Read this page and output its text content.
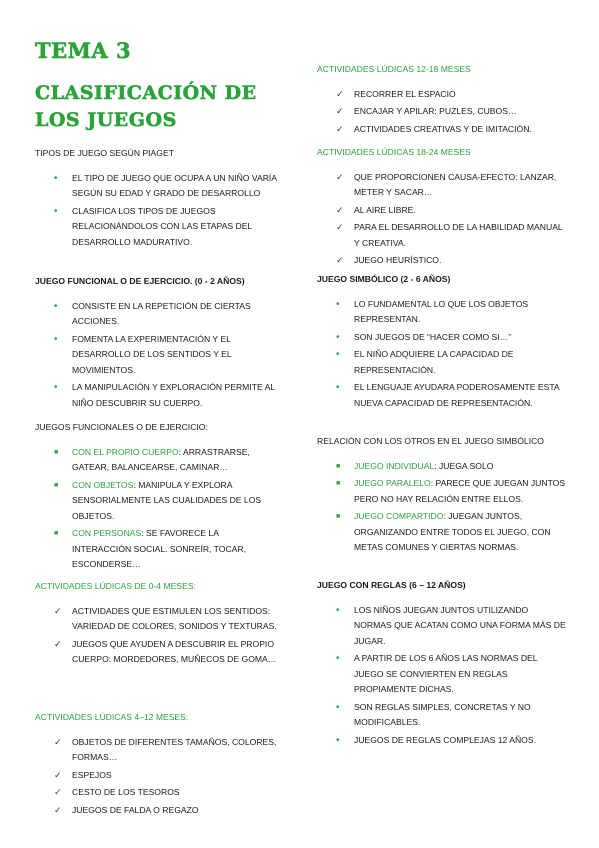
TEMA 3
CLASIFICACIÓN DE LOS JUEGOS

TIPOS DE JUEGO SEGÚN PIAGET

•	EL TIPO DE JUEGO QUE OCUPA A UN NIÑO VARÍA SEGÚN SU EDAD Y GRADO DE DESARROLLO
•	CLASIFICA LOS TIPOS DE JUEGOS RELACIONÁNDOLOS CON LAS ETAPAS DEL DESARROLLO MADURATIVO.

JUEGO FUNCIONAL O DE EJERCICIO. (0 - 2 AÑOS)

•	CONSISTE EN LA REPETICIÓN DE CIERTAS ACCIONES.
•	FOMENTA LA EXPERIMENTACIÓN Y EL DESARROLLO DE LOS SENTIDOS Y EL MOVIMIENTOS.
•	LA MANIPULACIÓN Y EXPLORACIÓN PERMITE AL NIÑO DESCUBRIR SU CUERPO.

JUEGOS FUNCIONALES O DE EJERCICIO:

■	CON EL PROPIO CUERPO: ARRASTRARSE, GATEAR, BALANCEARSE, CAMINAR…
■	CON OBJETOS: MANIPULA Y EXPLORA SENSORIALMENTE LAS CUALIDADES DE LOS OBJETOS.
■	CON PERSONAS: SE FAVORECE LA INTERACCIÓN SOCIAL. SONREÍR, TOCAR, ESCONDERSE…

ACTIVIDADES LÚDICAS DE 0-4 MESES:

✓ ACTIVIDADES QUE ESTIMULEN LOS SENTIDOS: VARIEDAD DE COLORES, SONIDOS Y TEXTURAS.
✓ JUEGOS QUE AYUDEN A DESCUBRIR EL PROPIO CUERPO: MORDEDORES, MUÑECOS DE GOMA…

ACTIVIDADES LÚDICAS 4–12 MESES:

✓ OBJETOS DE DIFERENTES TAMAÑOS, COLORES, FORMAS…
✓ ESPEJOS
✓ CESTO DE LOS TESOROS
✓ JUEGOS DE FALDA O REGAZO

ACTIVIDADES LÚDICAS 12-18 MESES

✓ RECORRER EL ESPACIO
✓ ENCAJAR Y APILAR: PUZLES, CUBOS…
✓ ACTIVIDADES CREATIVAS Y DE IMITACIÓN.

ACTIVIDADES LÚDICAS 18-24 MESES

✓ QUE PROPORCIONEN CAUSA-EFECTO: LANZAR, METER Y SACAR…
✓ AL AIRE LIBRE.
✓ PARA EL DESARROLLO DE LA HABILIDAD MANUAL Y CREATIVA.
✓ JUEGO HEURÍSTICO.

JUEGO SIMBÓLICO (2 - 6 AÑOS)

•	LO FUNDAMENTAL LO QUE LOS OBJETOS REPRESENTAN.
•	SON JUEGOS DE “HACER COMO SI…”
•	EL NIÑO ADQUIERE LA CAPACIDAD DE REPRESENTACIÓN.
•	EL LENGUAJE AYUDARA PODEROSAMENTE ESTA NUEVA CAPACIDAD DE REPRESENTACIÓN.

RELACIÓN CON LOS OTROS EN EL JUEGO SIMBÓLICO

■	JUEGO INDIVIDUAL: JUEGA SOLO
■	JUEGO PARALELO: PARECE QUE JUEGAN JUNTOS PERO NO HAY RELACIÓN ENTRE ELLOS.
■	JUEGO COMPARTIDO: JUEGAN JUNTOS, ORGANIZANDO ENTRE TODOS EL JUEGO, CON METAS COMUNES Y CIERTAS NORMAS.

JUEGO CON REGLAS (6 – 12 AÑOS)

•	LOS NIÑOS JUEGAN JUNTOS UTILIZANDO NORMAS QUE ACATAN COMO UNA FORMA MÁS DE JUGAR.
•	A PARTIR DE LOS 6 AÑOS LAS NORMAS DEL JUEGO SE CONVIERTEN EN REGLAS PROPIAMENTE DICHAS.
•	SON REGLAS SIMPLES, CONCRETAS Y NO MODIFICABLES.
•	JUEGOS DE REGLAS COMPLEJAS 12 AÑOS.
